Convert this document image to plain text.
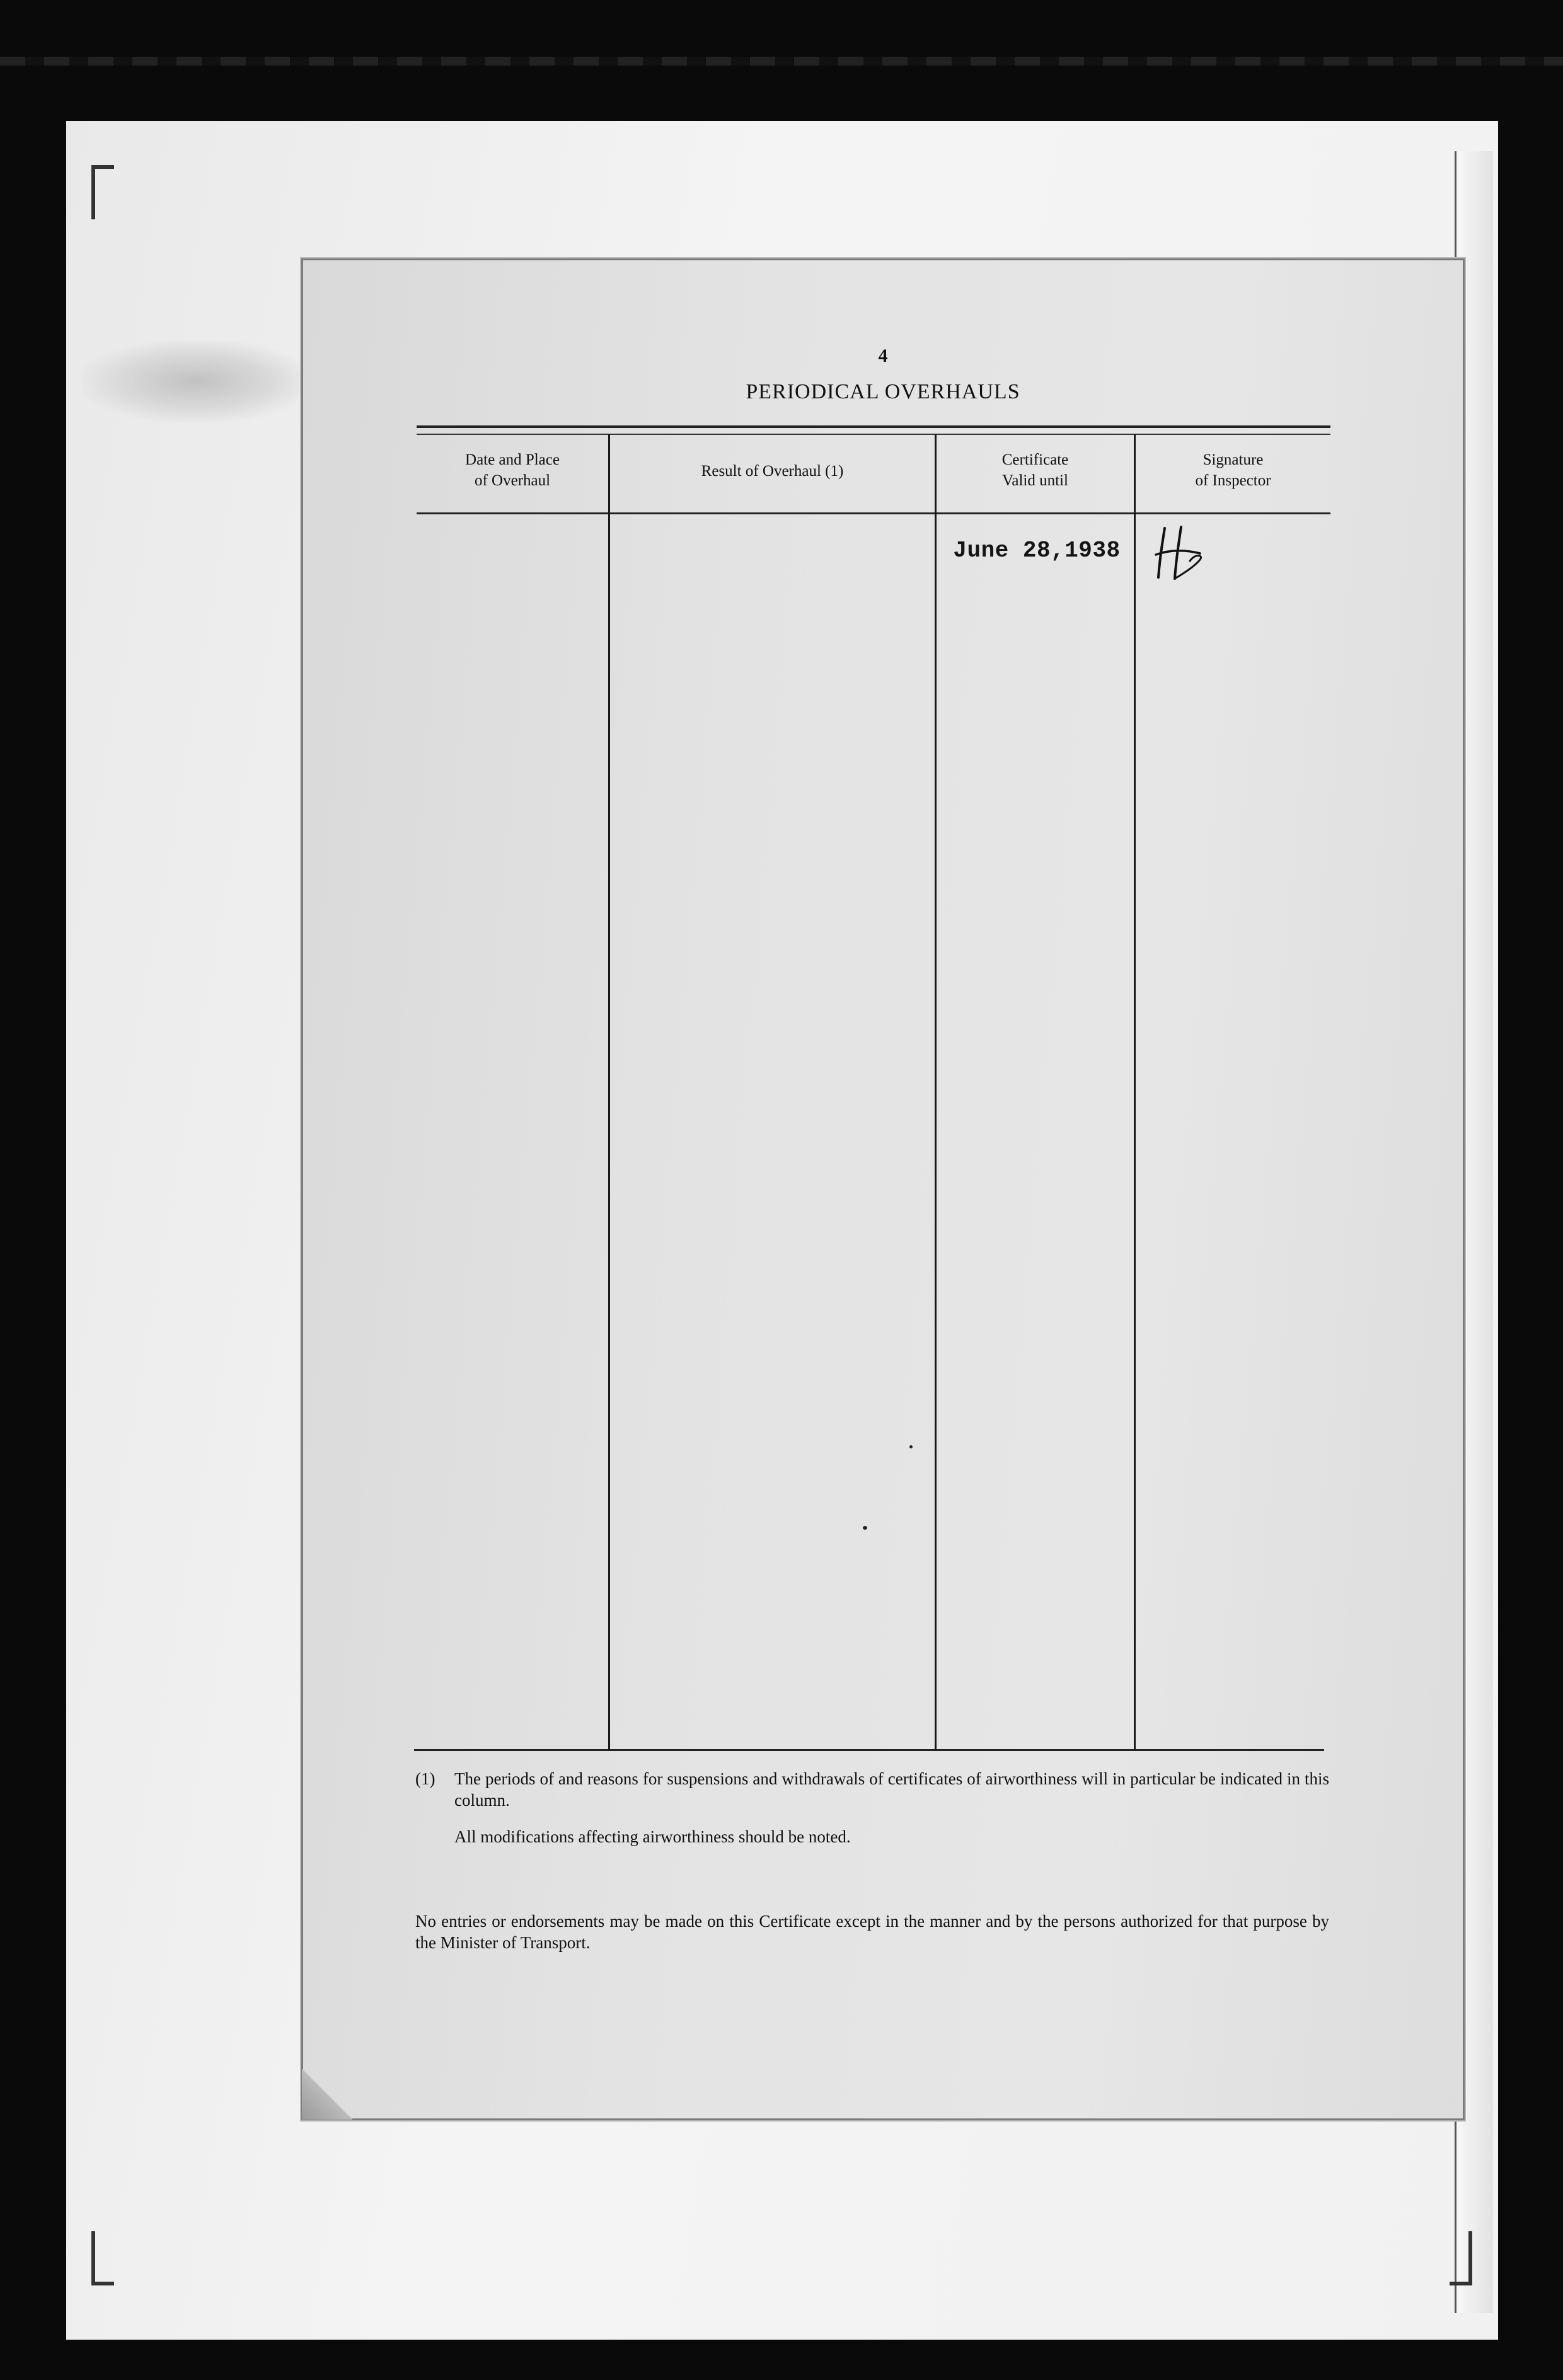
4
PERIODICAL OVERHAULS
Date and Place
of Overhaul
Result of Overhaul (1)
Certificate
Valid until
Signature
of Inspector
June 28,1938
(1) The periods of and reasons for suspensions and withdrawals of certificates of airworthiness will in particular be indicated in this column.
All modifications affecting airworthiness should be noted.
No entries or endorsements may be made on this Certificate except in the manner and by the persons authorized for that purpose by the Minister of Transport.
